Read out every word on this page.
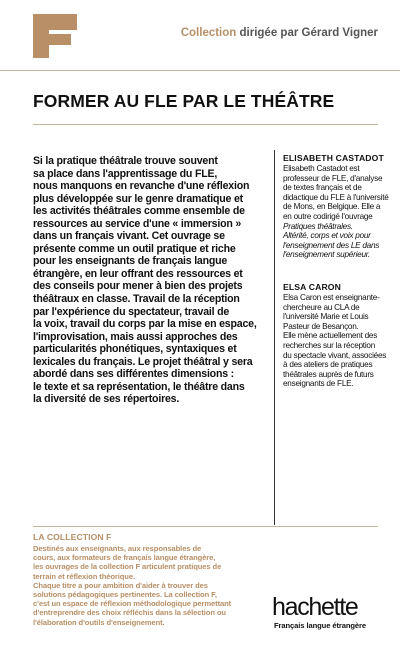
Collection dirigée par Gérard Vigner
FORMER AU FLE PAR LE THÉÂTRE

Si la pratique théâtrale trouve souvent

sa place dans l'apprentissage du FLE,

nous manquons en revanche d'une réflexion

plus développée sur le genre dramatique et

les activités théâtrales comme ensemble de

ressources au service d'une « immersion »

dans un français vivant. Cet ouvrage se

présente comme un outil pratique et riche

pour les enseignants de français langue

étrangère, en leur offrant des ressources et

des conseils pour mener à bien des projets

théâtraux en classe. Travail de la réception

par l'expérience du spectateur, travail de

la voix, travail du corps par la mise en espace,

l'improvisation, mais aussi approches des

particularités phonétiques, syntaxiques et

lexicales du français. Le projet théâtral y sera

abordé dans ses différentes dimensions :

le texte et sa représentation, le théâtre dans

la diversité de ses répertoires.

ELISABETH CASTADOT

Elisabeth Castadot est

professeur de FLE, d'analyse

de textes français et de

didactique du FLE à l'université

de Mons, en Belgique. Elle a

en outre codirigé l'ouvrage

Pratiques théâtrales.

Altérité, corps et voix pour

l'enseignement des LE dans

l'enseignement supérieur.

ELSA CARON

Elsa Caron est enseignante-

chercheure au CLA de

l'université Marie et Louis

Pasteur de Besançon.

Elle mène actuellement des

recherches sur la réception

du spectacle vivant, associées

à des ateliers de pratiques

théâtrales auprès de futurs

enseignants de FLE.

LA COLLECTION F

Destinés aux enseignants, aux responsables de

cours, aux formateurs de français langue étrangère,

les ouvrages de la collection F articulent pratiques de

terrain et réflexion théorique.

Chaque titre a pour ambition d'aider à trouver des

solutions pédagogiques pertinentes. La collection F,

c'est un espace de réflexion méthodologique permettant

d'entreprendre des choix réfléchis dans la sélection ou

l'élaboration d'outils d'enseignement.

hachette
Français langue étrangère
